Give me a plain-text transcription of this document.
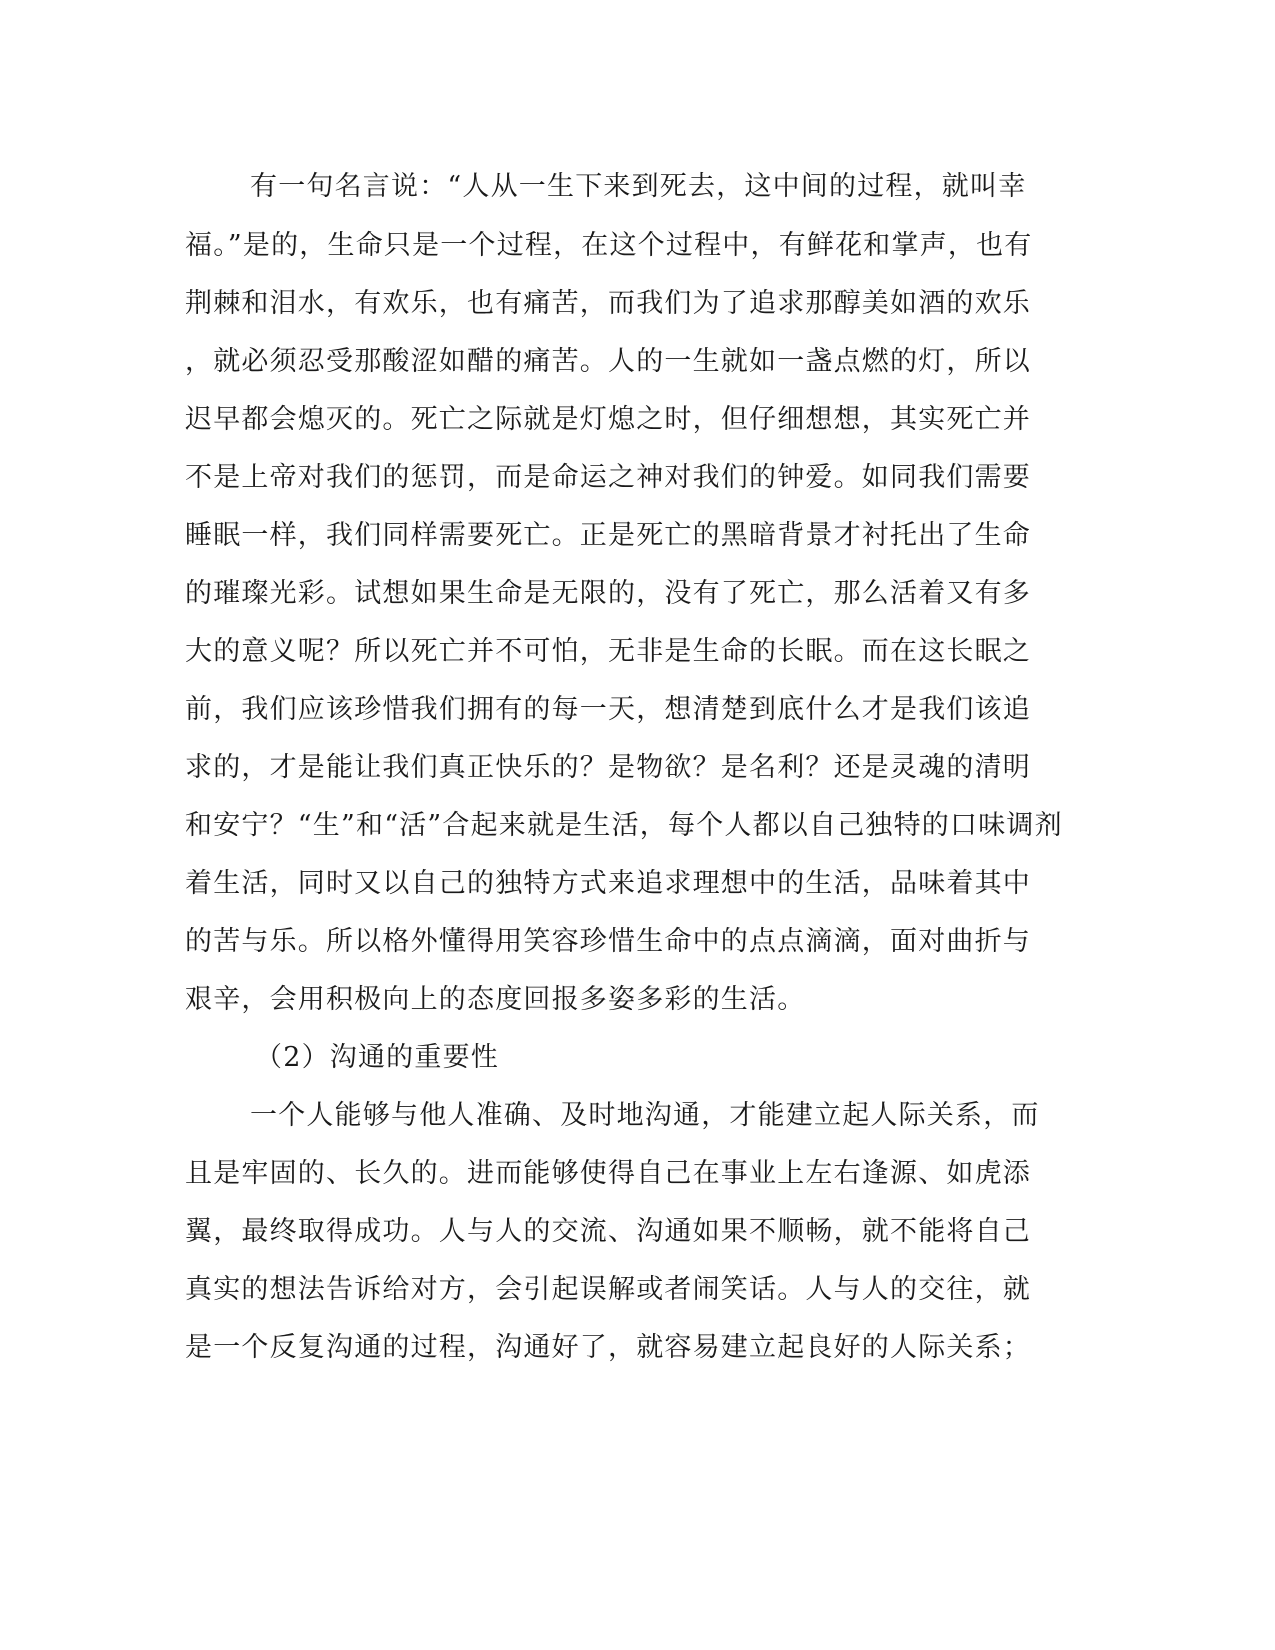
有一句名言说：“人从一生下来到死去，这中间的过程，就叫幸
福。”是的，生命只是一个过程，在这个过程中，有鲜花和掌声，也有
荆棘和泪水，有欢乐，也有痛苦，而我们为了追求那醇美如酒的欢乐
，就必须忍受那酸涩如醋的痛苦。人的一生就如一盏点燃的灯，所以
迟早都会熄灭的。死亡之际就是灯熄之时，但仔细想想，其实死亡并
不是上帝对我们的惩罚，而是命运之神对我们的钟爱。如同我们需要
睡眠一样，我们同样需要死亡。正是死亡的黑暗背景才衬托出了生命
的璀璨光彩。试想如果生命是无限的，没有了死亡，那么活着又有多
大的意义呢？所以死亡并不可怕，无非是生命的长眠。而在这长眠之
前，我们应该珍惜我们拥有的每一天，想清楚到底什么才是我们该追
求的，才是能让我们真正快乐的？是物欲？是名利？还是灵魂的清明
和安宁？“生”和“活”合起来就是生活，每个人都以自己独特的口味调剂
着生活，同时又以自己的独特方式来追求理想中的生活，品味着其中
的苦与乐。所以格外懂得用笑容珍惜生命中的点点滴滴，面对曲折与
艰辛，会用积极向上的态度回报多姿多彩的生活。
（2）沟通的重要性
一个人能够与他人准确、及时地沟通，才能建立起人际关系，而
且是牢固的、长久的。进而能够使得自己在事业上左右逢源、如虎添
翼，最终取得成功。人与人的交流、沟通如果不顺畅，就不能将自己
真实的想法告诉给对方，会引起误解或者闹笑话。人与人的交往，就
是一个反复沟通的过程，沟通好了，就容易建立起良好的人际关系；
